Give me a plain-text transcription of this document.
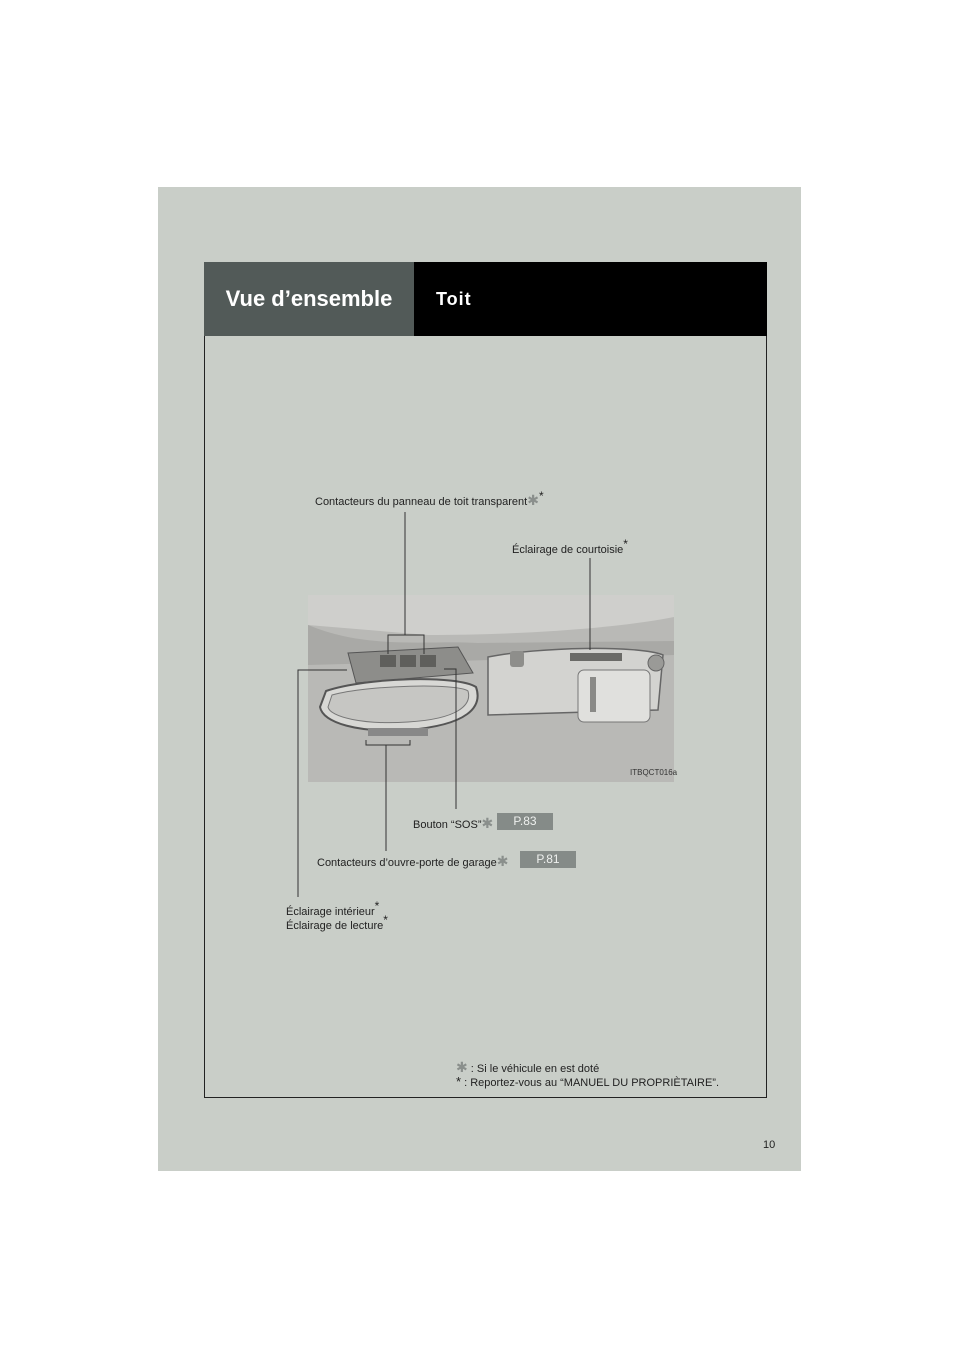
Vue d’ensemble	Toit
ITBQCT016a
Contacteurs du panneau de toit transparent✱*
Éclairage de courtoisie*
Bouton “SOS”✱	P.83
Contacteurs d’ouvre-porte de garage✱	P.81
Éclairage intérieur*
Éclairage de lecture*
✱ : Si le véhicule en est doté
* : Reportez-vous au “MANUEL DU PROPRIÈTAIRE”.
10
